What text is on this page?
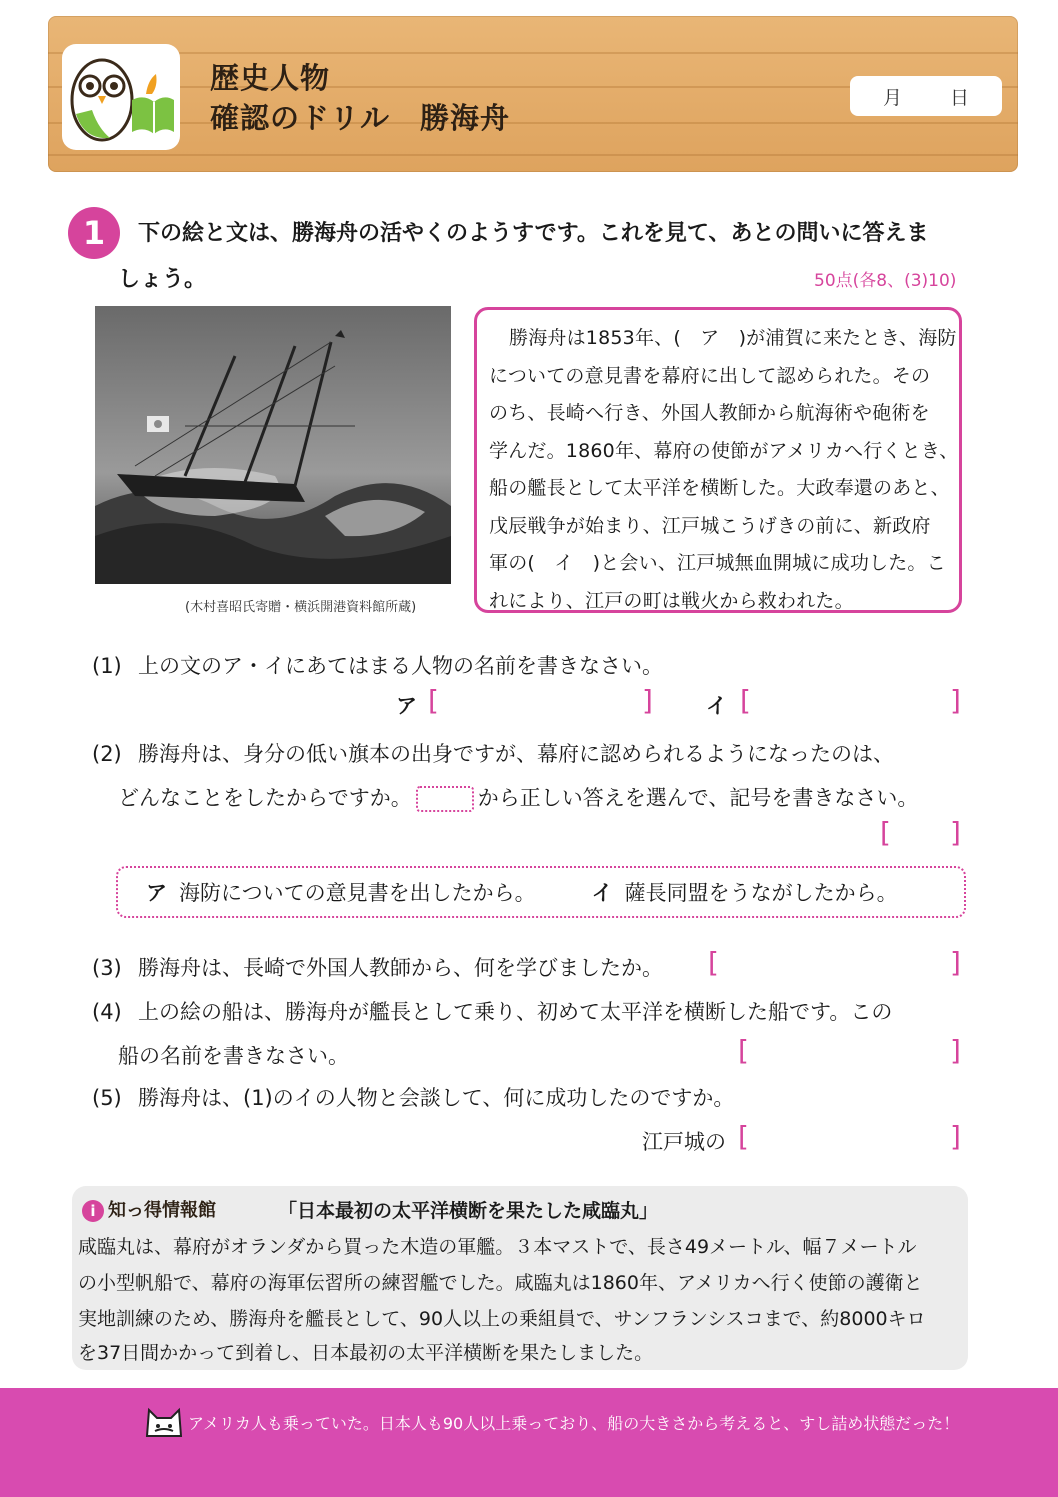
歴史人物
確認のドリル　勝海舟
月	日
1	下の絵と文は、勝海舟の活やくのようすです。これを見て、あとの問いに答えま
しょう。	50点(各8、(3)10)
(木村喜昭氏寄贈・横浜開港資料館所蔵)
勝海舟は1853年、(　ア　)が浦賀に来たとき、海防
についての意見書を幕府に出して認められた。その
のち、長崎へ行き、外国人教師から航海術や砲術を
学んだ。1860年、幕府の使節がアメリカへ行くとき、
船の艦長として太平洋を横断した。大政奉還のあと、
戊辰戦争が始まり、江戸城こうげきの前に、新政府
軍の(　イ　)と会い、江戸城無血開城に成功した。こ
れにより、江戸の町は戦火から救われた。
(1) 上の文のア・イにあてはまる人物の名前を書きなさい。
ア [	]	イ [	]
(2) 勝海舟は、身分の低い旗本の出身ですが、幕府に認められるようになったのは、
どんなことをしたからですか。	から正しい答えを選んで、記号を書きなさい。
[ ]
ア 海防についての意見書を出したから。	イ 薩長同盟をうながしたから。
(3) 勝海舟は、長崎で外国人教師から、何を学びましたか。 [	]
(4) 上の絵の船は、勝海舟が艦長として乗り、初めて太平洋を横断した船です。この
船の名前を書きなさい。	[	]
(5) 勝海舟は、(1)のイの人物と会談して、何に成功したのですか。
江戸城の [	]
i 知っ得情報館	「日本最初の太平洋横断を果たした咸臨丸」
咸臨丸は、幕府がオランダから買った木造の軍艦。３本マストで、長さ49メートル、幅７メートル
の小型帆船で、幕府の海軍伝習所の練習艦でした。咸臨丸は1860年、アメリカへ行く使節の護衛と
実地訓練のため、勝海舟を艦長として、90人以上の乗組員で、サンフランシスコまで、約8000キロ
を37日間かかって到着し、日本最初の太平洋横断を果たしました。
アメリカ人も乗っていた。日本人も90人以上乗っており、船の大きさから考えると、すし詰め状態だった！
